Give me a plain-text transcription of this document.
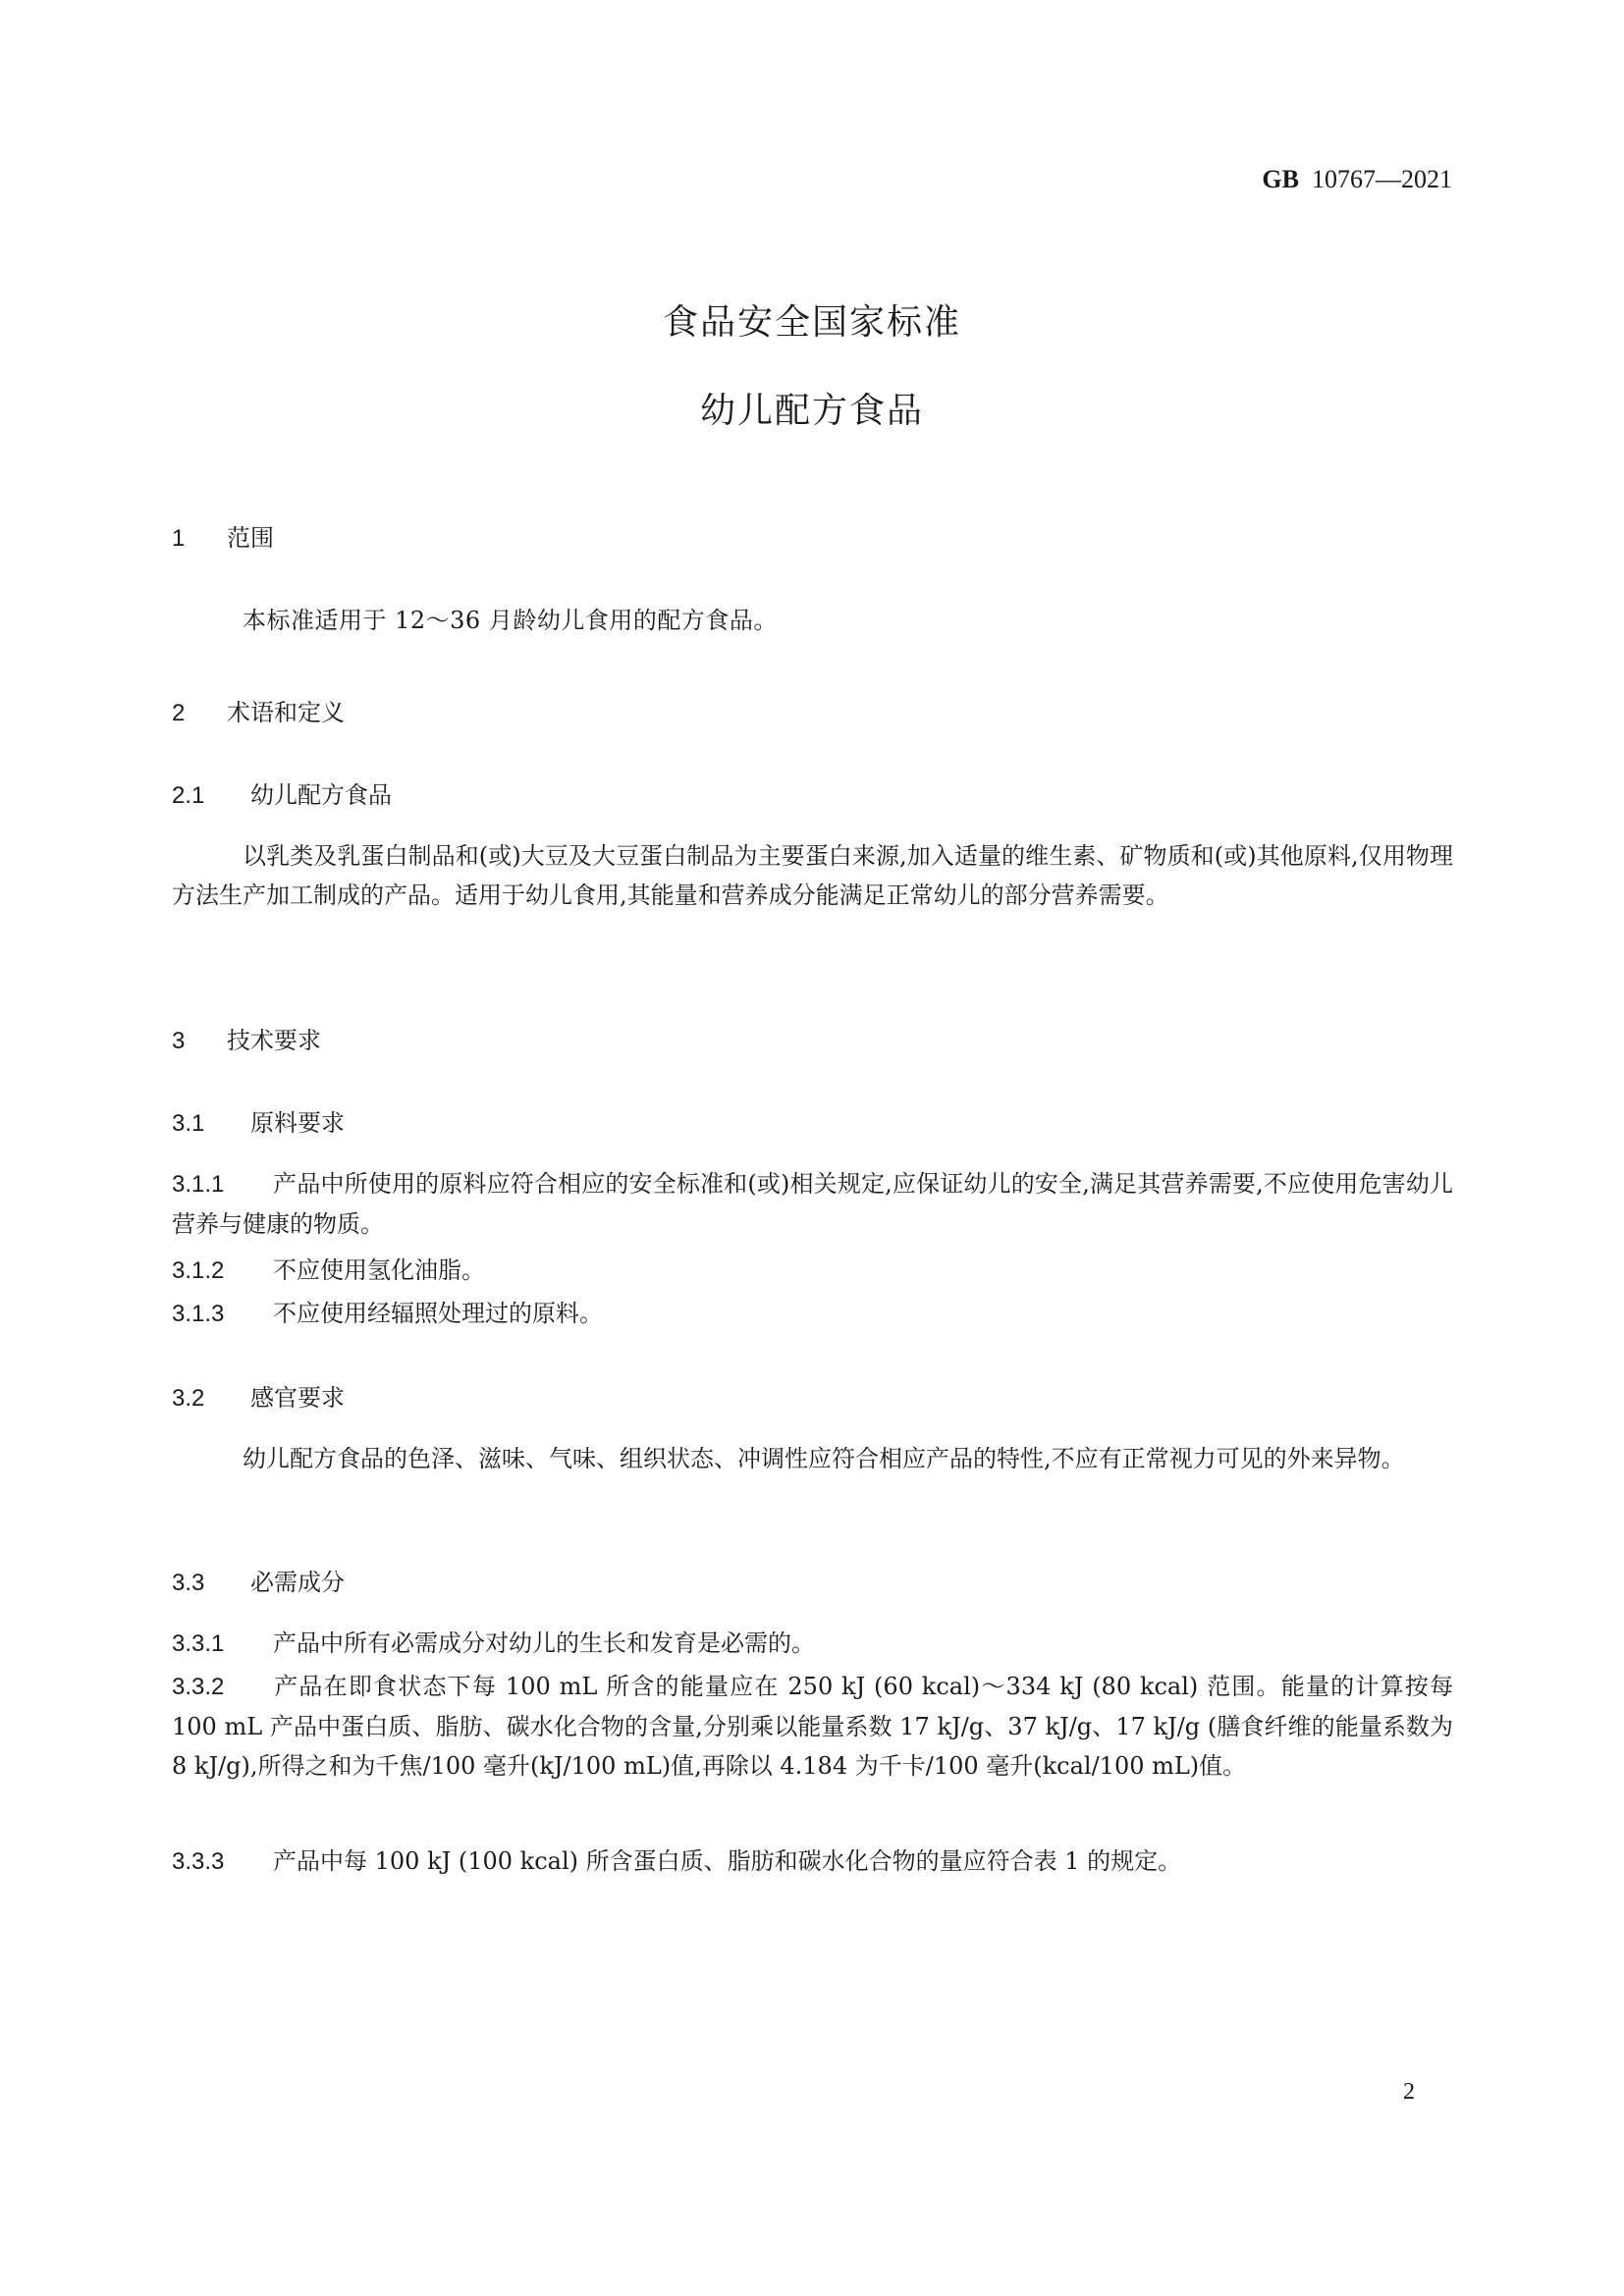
GB 10767—2021
食品安全国家标准
幼儿配方食品
1 范围
本标准适用于 12～36 月龄幼儿食用的配方食品。
2 术语和定义
2.1 幼儿配方食品
以乳类及乳蛋白制品和(或)大豆及大豆蛋白制品为主要蛋白来源,加入适量的维生素、矿物质和(或)其他原料,仅用物理方法生产加工制成的产品。适用于幼儿食用,其能量和营养成分能满足正常幼儿的部分营养需要。
3 技术要求
3.1 原料要求
3.1.1 产品中所使用的原料应符合相应的安全标准和(或)相关规定,应保证幼儿的安全,满足其营养需要,不应使用危害幼儿营养与健康的物质。
3.1.2 不应使用氢化油脂。
3.1.3 不应使用经辐照处理过的原料。
3.2 感官要求
幼儿配方食品的色泽、滋味、气味、组织状态、冲调性应符合相应产品的特性,不应有正常视力可见的外来异物。
3.3 必需成分
3.3.1 产品中所有必需成分对幼儿的生长和发育是必需的。
3.3.2 产品在即食状态下每 100 mL 所含的能量应在 250 kJ (60 kcal)～334 kJ (80 kcal) 范围。能量的计算按每 100 mL 产品中蛋白质、脂肪、碳水化合物的含量,分别乘以能量系数 17 kJ/g、37 kJ/g、17 kJ/g (膳食纤维的能量系数为 8 kJ/g),所得之和为千焦/100 毫升(kJ/100 mL)值,再除以 4.184 为千卡/100 毫升(kcal/100 mL)值。
3.3.3 产品中每 100 kJ (100 kcal) 所含蛋白质、脂肪和碳水化合物的量应符合表 1 的规定。
2
